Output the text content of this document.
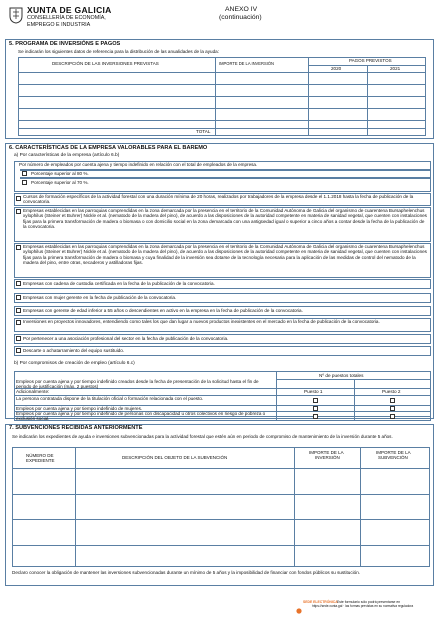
XUNTA DE GALICIA
CONSELLERÍA DE ECONOMÍA,
EMPREGO E INDUSTRIA
ANEXO IV
(continuación)
5. PROGRAMA DE INVERSIÓNS E PAGOS
Se indicarán los siguientes datos de referencia para la distribución de las anualidades de la ayuda:
DESCRIPCIÓN DE LAS INVERSIONES PREVISTAS	IMPORTE DE LA INVERSIÓN
PAGOS PREVISTOS
2020	2021
TOTAL
6. CARACTERÍSTICAS DE LA EMPRESA VALORABLES PARA EL BAREMO
a) Por características de la empresa (artículo 6.b)
Por número de empleados por cuenta ajena y tiempo indefinido en relación con el total de empleados de la empresa.
Porcentaje superior al 80 %.
Porcentaje superior al 70 %.
Cursos de formación específicos de la actividad forestal con una duración mínima de 20 horas, realizados por trabajadores de la empresa desde el 1.1.2018 hasta la fecha de publicación de la convocatoria.
Empresas establecidas en las parroquias comprendidas en la zona demarcada por la presencia en el territorio de la Comunidad Autónoma de Galicia del organismo de cuarentena Bursaphelenchus xylophilus (Steiner et Buhrer) Nickle et al. (nematodo de la madera del pino), de acuerdo a las disposiciones de la autoridad competente en materia de sanidad vegetal, que cuenten con instalaciones fijas para la primera transformación de madera o biomasa o con domicilio social en la zona demarcada con una antigüedad igual o superior a cinco años a contar desde la fecha de la publicación de la convocatoria.
Empresas establecidas en las parroquias comprendidas en la zona demarcada por la presencia en el territorio de la Comunidad Autónoma de Galicia del organismo de cuarentena Bursaphelenchus xylophilus (Steiner et Buhrer) Nickle et al. (nematodo de la madera del pino), de acuerdo a las disposiciones de la autoridad competente en materia de sanidad vegetal, que cuenten con instalaciones fijas para la primera transformación de madera o biomasa y cuya finalidad de la inversión sea dotarse de la tecnología necesaria para la aplicación de las medidas de control del nematodo de la madera del pino, entre otras, secaderos y astilladoras fijas.
Empresas con cadena de custodia certificada en la fecha de la publicación de la convocatoria.
Empresas con mujer gerente en la fecha de publicación de la convocatoria.
Empresas con gerente de edad inferior a 55 años o descendientes en activo en la empresa en la fecha de publicación de la convocatoria.
Inversiones en proyectos innovadores, entendiendo como tales los que dan lugar a nuevos productos inexistentes en el mercado en la fecha de publicación de la convocatoria.
Por pertenecer a una asociación profesional del sector en la fecha de publicación de la convocatoria.
Descarte o achatarramiento del equipo sustituido.
b) Por compromisos de creación de empleo (artículo 6.c)
Nº de puestos totales
Empleos por cuenta ajena y por tiempo indefinido creados desde la fecha de presentación de la solicitud hasta el fin de periodo de justificación (máx. 2 puestos)
Adicionalmente:	Puesto 1	Puesto 2
La persona contratada dispone de la titulación oficial o formación relacionada con el puesto.
Empleos por cuenta ajena y por tiempo indefinido de mujeres.
Empleos por cuenta ajena y por tiempo indefinido de personas con discapacidad u otros colectivos en riesgo de pobreza o exclusión social.
7. SUBVENCIONES RECIBIDAS ANTERIORMENTE
Se indicarán los expedientes de ayuda e inversiones subvencionadas para la actividad forestal que estén aún en periodo de compromiso de mantenimiento de la inversión durante 5 años.
NÚMERO DE
EXPEDIENTE
DESCRIPCIÓN DEL OBJETO DE LA SUBVENCIÓN
IMPORTE DE LA
INVERSIÓN
IMPORTE DE LA
SUBVENCIÓN
Declaro conocer la obligación de mantener las inversiones subvencionadas durante un mínimo de 5 años y la imposibilidad de financiar con fondos públicos su sustitución.
SEDE ELECTRÓNICA Este formulario sólo podrá presentarse en
https://sede.xunta.gal · las formas previstas en su normativa reguladora
